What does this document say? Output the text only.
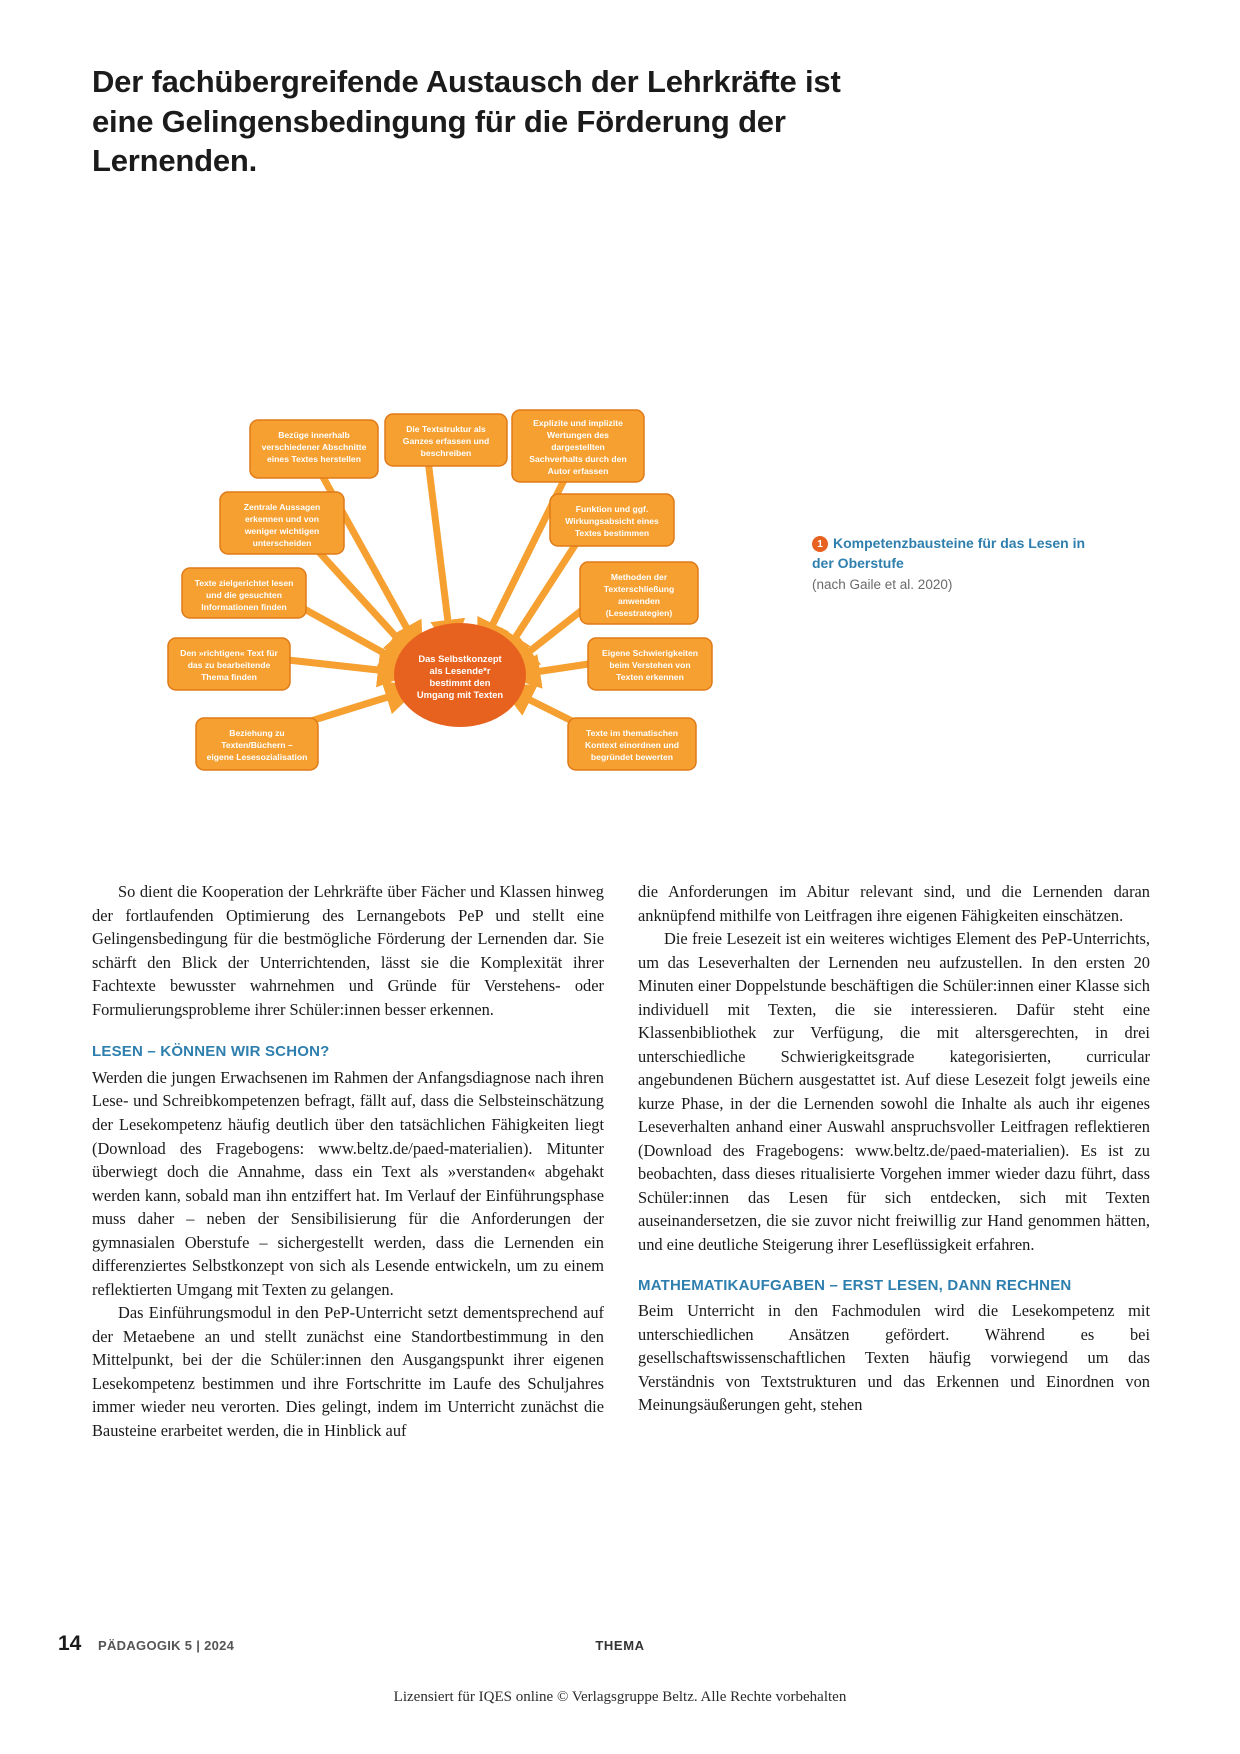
Der fachübergreifende Austausch der Lehrkräfte ist eine Gelingensbedingung für die Förderung der Lernenden.
Das Selbstkonzept
als Lesende*r
bestimmt den
Umgang mit Texten
Bezüge innerhalb
verschiedener Abschnitte
eines Textes herstellen
Die Textstruktur als
Ganzes erfassen und
beschreiben
Explizite und implizite
Wertungen des
dargestellten
Sachverhalts durch den
Autor erfassen
Zentrale Aussagen
erkennen und von
weniger wichtigen
unterscheiden
Funktion und ggf.
Wirkungsabsicht eines
Textes bestimmen
Texte zielgerichtet lesen
und die gesuchten
Informationen finden
Methoden der
Texterschließung
anwenden
(Lesestrategien)
Den »richtigen« Text für
das zu bearbeitende
Thema finden
Eigene Schwierigkeiten
beim Verstehen von
Texten erkennen
Beziehung zu
Texten/Büchern –
eigene Lesesozialisation
Texte im thematischen
Kontext einordnen und
begründet bewerten
1 Kompetenzbausteine für das Lesen in der Oberstufe
(nach Gaile et al. 2020)

So dient die Kooperation der Lehrkräfte über Fächer und Klassen hinweg der fortlaufenden Optimierung des Lernangebots PeP und stellt eine Gelingensbedingung für die bestmögliche Förderung der Lernenden dar. Sie schärft den Blick der Unterrichtenden, lässt sie die Komplexität ihrer Fachtexte bewusster wahrnehmen und Gründe für Verstehens- oder Formulierungsprobleme ihrer Schüler:innen besser erkennen.

LESEN – KÖNNEN WIR SCHON?

Werden die jungen Erwachsenen im Rahmen der Anfangsdiagnose nach ihren Lese- und Schreibkompetenzen befragt, fällt auf, dass die Selbsteinschätzung der Lesekompetenz häufig deutlich über den tatsächlichen Fähigkeiten liegt (Download des Fragebogens: www.beltz.de/paed-materialien). Mitunter überwiegt doch die Annahme, dass ein Text als »verstanden« abgehakt werden kann, sobald man ihn entziffert hat. Im Verlauf der Einführungsphase muss daher – neben der Sensibilisierung für die Anforderungen der gymnasialen Oberstufe – sichergestellt werden, dass die Lernenden ein differenziertes Selbstkonzept von sich als Lesende entwickeln, um zu einem reflektierten Umgang mit Texten zu gelangen.

Das Einführungsmodul in den PeP-Unterricht setzt dementsprechend auf der Metaebene an und stellt zunächst eine Standortbestimmung in den Mittelpunkt, bei der die Schüler:innen den Ausgangspunkt ihrer eigenen Lesekompetenz bestimmen und ihre Fortschritte im Laufe des Schuljahres immer wieder neu verorten. Dies gelingt, indem im Unterricht zunächst die Bausteine erarbeitet werden, die in Hinblick auf

die Anforderungen im Abitur relevant sind, und die Lernenden daran anknüpfend mithilfe von Leitfragen ihre eigenen Fähigkeiten einschätzen.

Die freie Lesezeit ist ein weiteres wichtiges Element des PeP-Unterrichts, um das Leseverhalten der Lernenden neu aufzustellen. In den ersten 20 Minuten einer Doppelstunde beschäftigen die Schüler:innen einer Klasse sich individuell mit Texten, die sie interessieren. Dafür steht eine Klassenbibliothek zur Verfügung, die mit altersgerechten, in drei unterschiedliche Schwierigkeitsgrade kategorisierten, curricular angebundenen Büchern ausgestattet ist. Auf diese Lesezeit folgt jeweils eine kurze Phase, in der die Lernenden sowohl die Inhalte als auch ihr eigenes Leseverhalten anhand einer Auswahl anspruchsvoller Leitfragen reflektieren (Download des Fragebogens: www.beltz.de/paed-materialien). Es ist zu beobachten, dass dieses ritualisierte Vorgehen immer wieder dazu führt, dass Schüler:innen das Lesen für sich entdecken, sich mit Texten auseinandersetzen, die sie zuvor nicht freiwillig zur Hand genommen hätten, und eine deutliche Steigerung ihrer Leseflüssigkeit erfahren.

MATHEMATIKAUFGABEN – ERST LESEN, DANN RECHNEN

Beim Unterricht in den Fachmodulen wird die Lesekompetenz mit unterschiedlichen Ansätzen gefördert. Während es bei gesellschaftswissenschaftlichen Texten häufig vorwiegend um das Verständnis von Textstrukturen und das Erkennen und Einordnen von Meinungsäußerungen geht, stehen

14 PÄDAGOGIK 5 | 2024	THEMA
Lizensiert für IQES online © Verlagsgruppe Beltz. Alle Rechte vorbehalten
